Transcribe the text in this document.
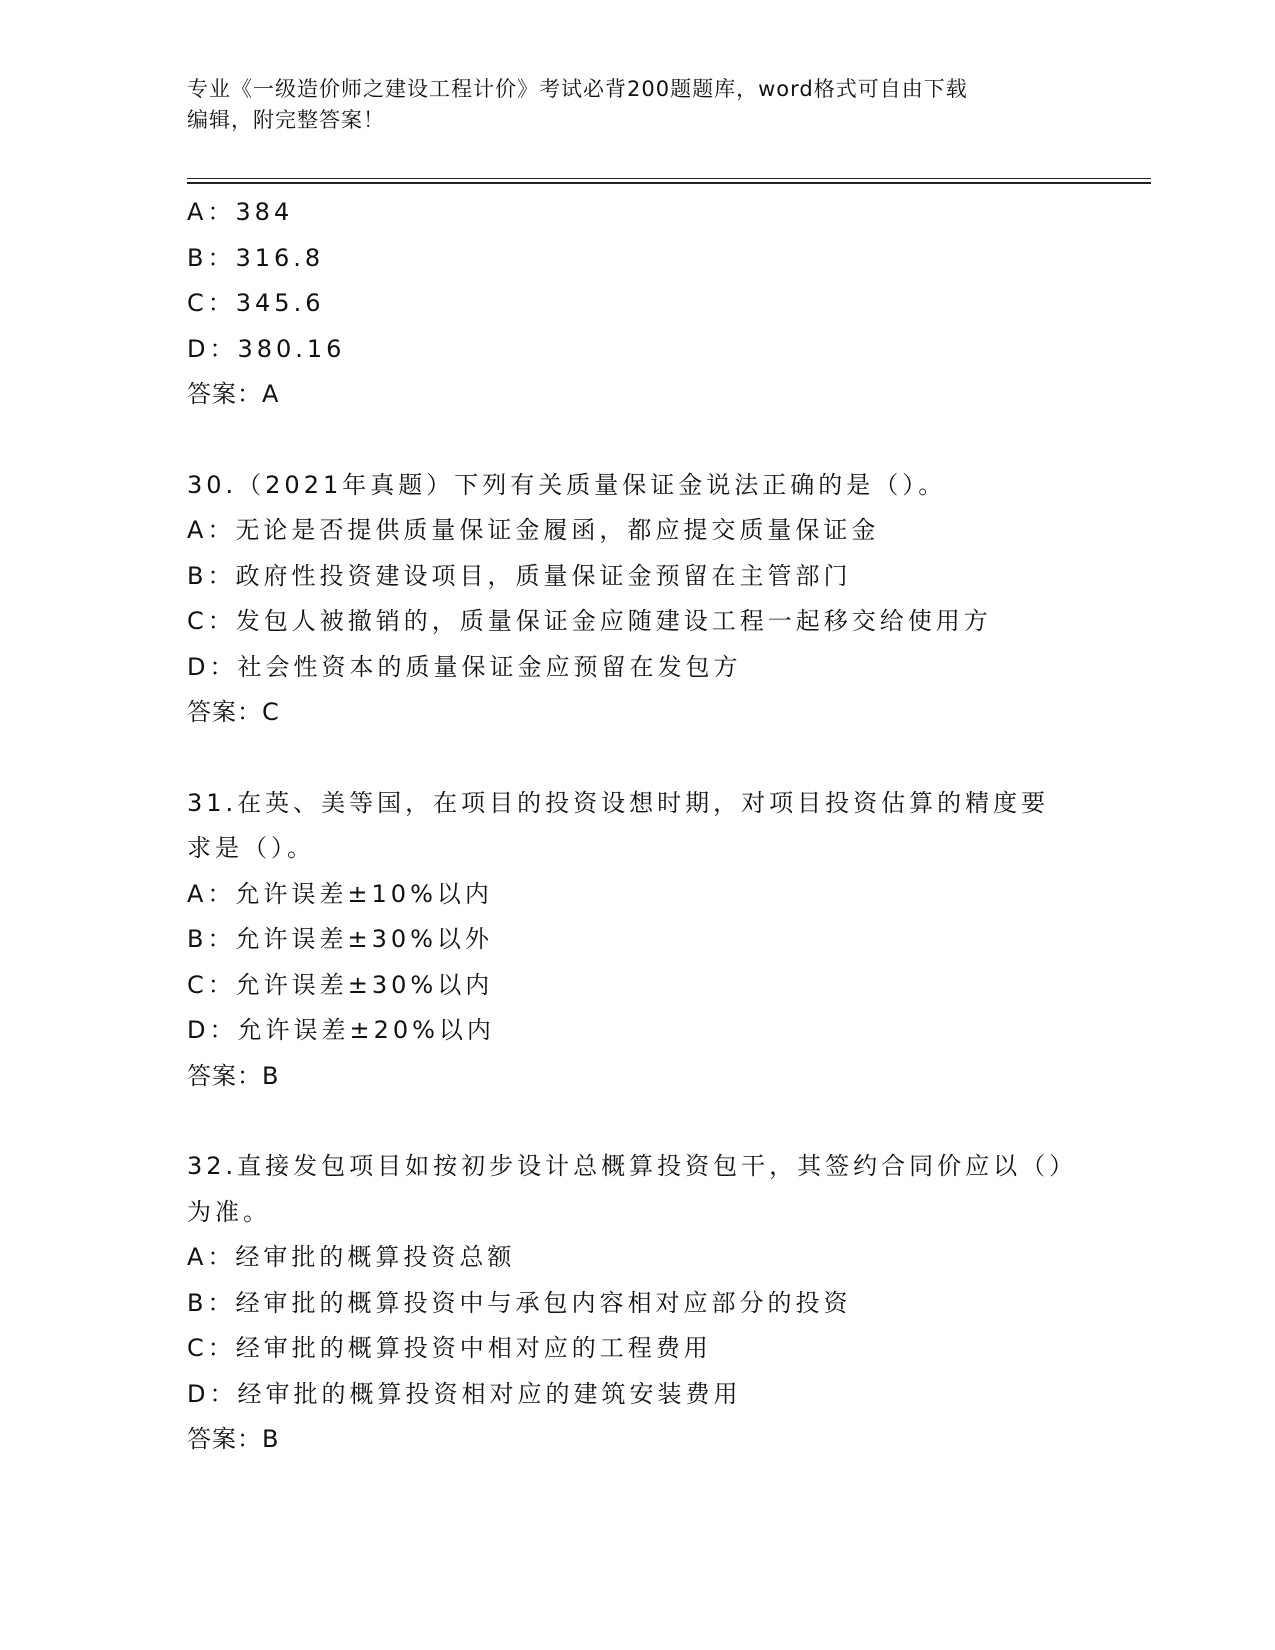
专业《一级造价师之建设工程计价》考试必背200题题库，word格式可自由下载
编辑，附完整答案！
A：384
B：316.8
C：345.6
D：380.16
答案：A
30.（2021年真题）下列有关质量保证金说法正确的是（）。
A：无论是否提供质量保证金履函，都应提交质量保证金
B：政府性投资建设项目，质量保证金预留在主管部门
C：发包人被撤销的，质量保证金应随建设工程一起移交给使用方
D：社会性资本的质量保证金应预留在发包方
答案：C
31.在英、美等国，在项目的投资设想时期，对项目投资估算的精度要求是（）。
A：允许误差±10%以内
B：允许误差±30%以外
C：允许误差±30%以内
D：允许误差±20%以内
答案：B
32.直接发包项目如按初步设计总概算投资包干，其签约合同价应以（）为准。
A：经审批的概算投资总额
B：经审批的概算投资中与承包内容相对应部分的投资
C：经审批的概算投资中相对应的工程费用
D：经审批的概算投资相对应的建筑安装费用
答案：B
